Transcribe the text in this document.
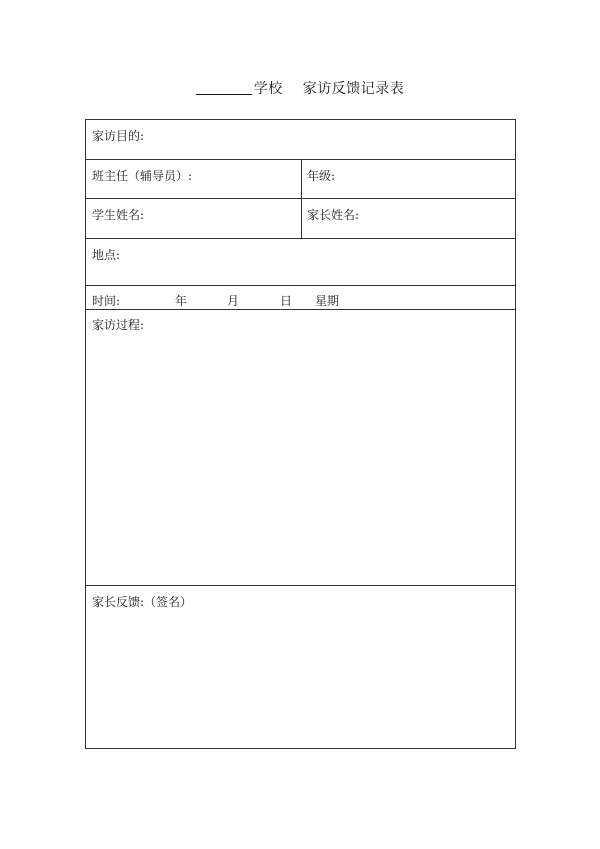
学校 家访反馈记录表
家访目的:
班主任（辅导员）:	年级:
学生姓名:	家长姓名:
地点:
时间:	年	月	日 星期
家访过程:
家长反馈:（签名）
